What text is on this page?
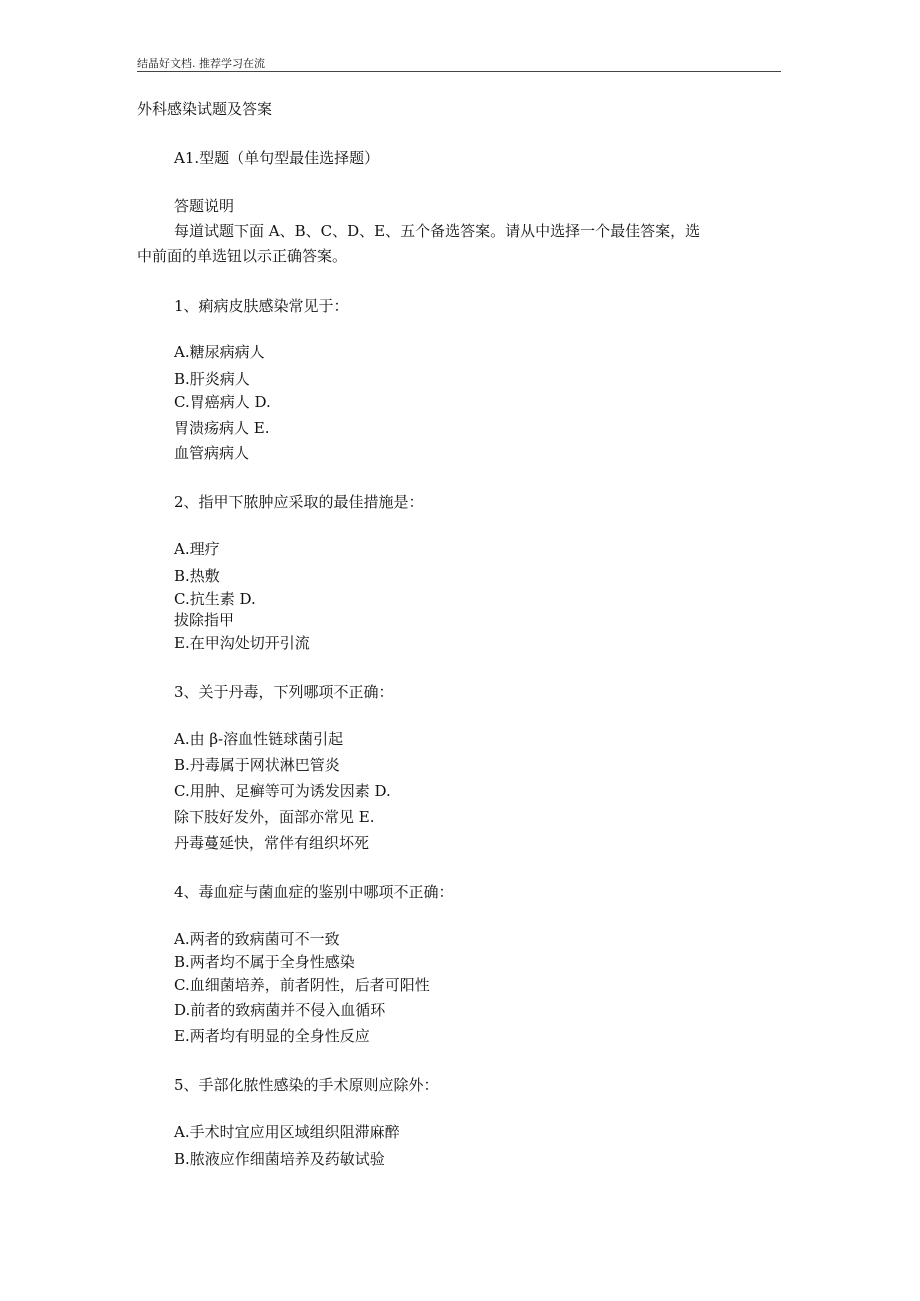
结晶好文档. 推荐学习在流
外科感染试题及答案
A1.型题（单句型最佳选择题）
答题说明
每道试题下面 A、B、C、D、E、五个备选答案。请从中选择一个最佳答案，选
中前面的单选钮以示正确答案。
1、痢病皮肤感染常见于：
A.糖尿病病人
B.肝炎病人
C.胃癌病人 D.
胃溃疡病人 E.
血管病病人
2、指甲下脓肿应采取的最佳措施是：
A.理疗
B.热敷
C.抗生素 D.
拔除指甲
E.在甲沟处切开引流
3、关于丹毒，下列哪项不正确：
A.由 β-溶血性链球菌引起
B.丹毒属于网状淋巴管炎
C.用肿、足癣等可为诱发因素 D.
除下肢好发外，面部亦常见 E.
丹毒蔓延快，常伴有组织坏死
4、毒血症与菌血症的鉴别中哪项不正确：
A.两者的致病菌可不一致
B.两者均不属于全身性感染
C.血细菌培养，前者阴性，后者可阳性
D.前者的致病菌并不侵入血循环
E.两者均有明显的全身性反应
5、手部化脓性感染的手术原则应除外：
A.手术时宜应用区域组织阻滞麻醉
B.脓液应作细菌培养及药敏试验
